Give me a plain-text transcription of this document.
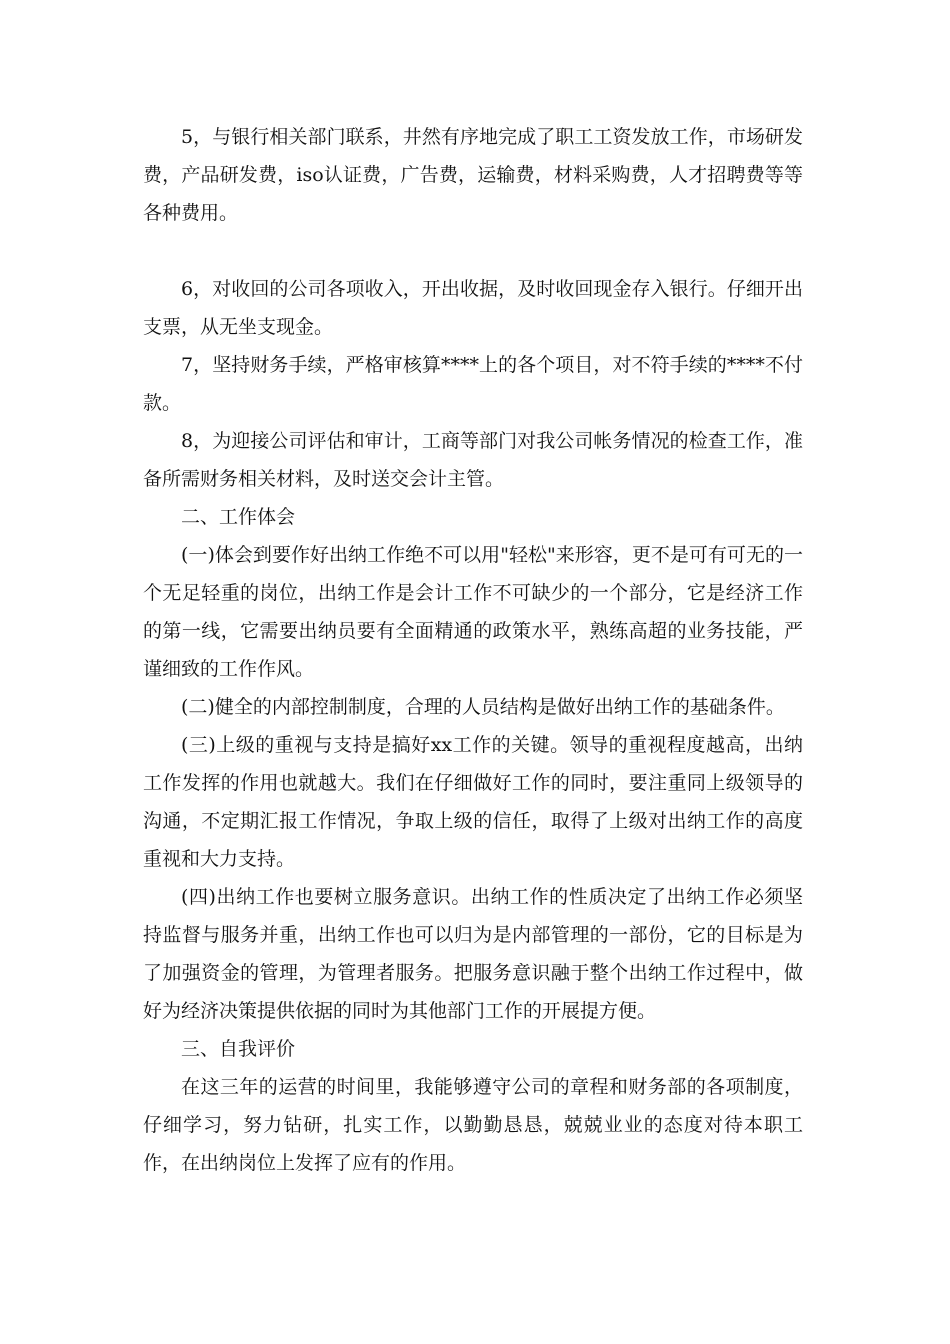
5，与银行相关部门联系，井然有序地完成了职工工资发放工作，市场研发费，产品研发费，iso认证费，广告费，运输费，材料采购费，人才招聘费等等各种费用。

6，对收回的公司各项收入，开出收据，及时收回现金存入银行。仔细开出支票，从无坐支现金。

7，坚持财务手续，严格审核算****上的各个项目，对不符手续的****不付款。

8，为迎接公司评估和审计，工商等部门对我公司帐务情况的检查工作，准备所需财务相关材料，及时送交会计主管。

二、工作体会

(一)体会到要作好出纳工作绝不可以用"轻松"来形容，更不是可有可无的一个无足轻重的岗位，出纳工作是会计工作不可缺少的一个部分，它是经济工作的第一线，它需要出纳员要有全面精通的政策水平，熟练高超的业务技能，严谨细致的工作作风。

(二)健全的内部控制制度，合理的人员结构是做好出纳工作的基础条件。

(三)上级的重视与支持是搞好xx工作的关键。领导的重视程度越高，出纳工作发挥的作用也就越大。我们在仔细做好工作的同时，要注重同上级领导的沟通，不定期汇报工作情况，争取上级的信任，取得了上级对出纳工作的高度重视和大力支持。

(四)出纳工作也要树立服务意识。出纳工作的性质决定了出纳工作必须坚持监督与服务并重，出纳工作也可以归为是内部管理的一部份，它的目标是为了加强资金的管理，为管理者服务。把服务意识融于整个出纳工作过程中，做好为经济决策提供依据的同时为其他部门工作的开展提方便。

三、自我评价

在这三年的运营的时间里，我能够遵守公司的章程和财务部的各项制度，仔细学习，努力钻研，扎实工作，以勤勤恳恳，兢兢业业的态度对待本职工作，在出纳岗位上发挥了应有的作用。
